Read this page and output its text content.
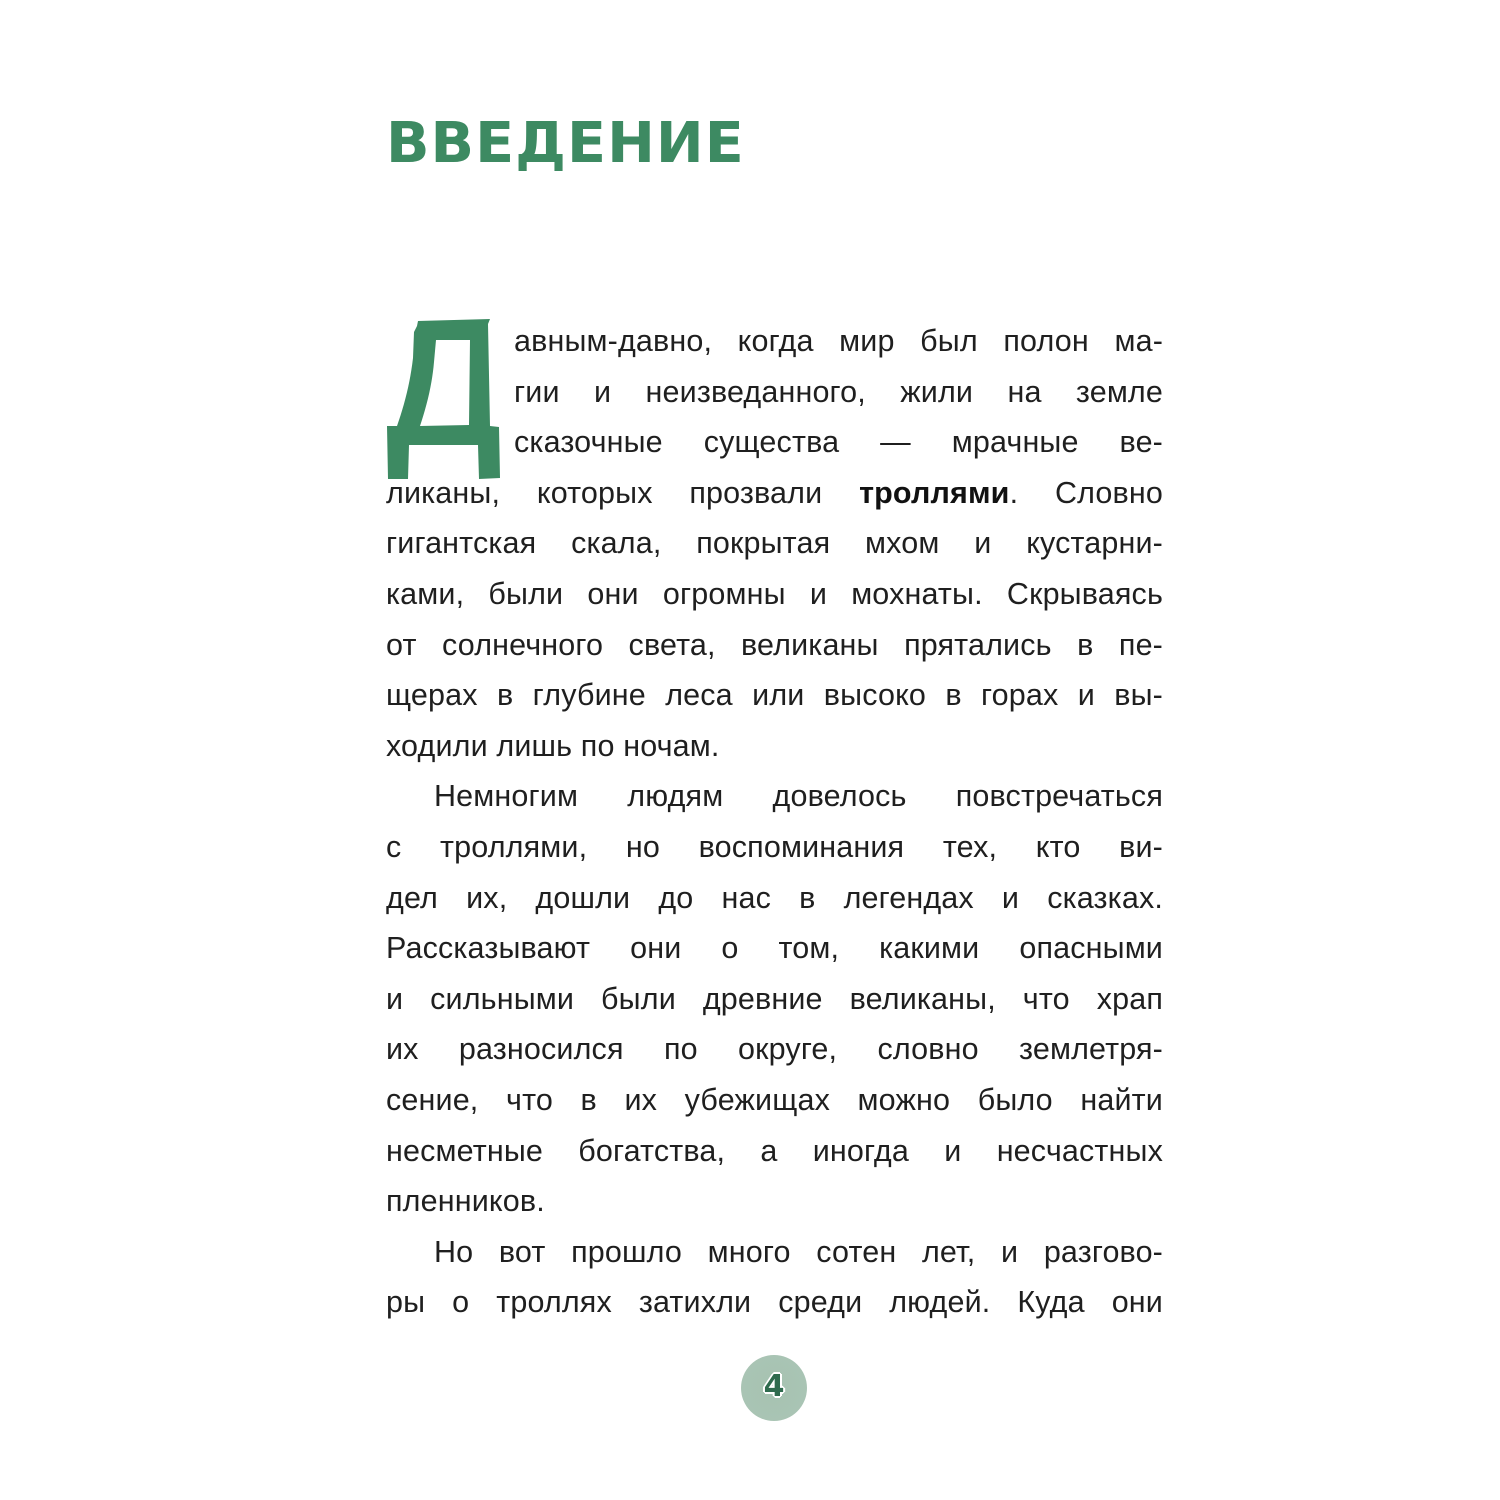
ВВЕДЕНИЕ
авным-давно, когда мир был полон ма-
гии и неизведанного, жили на земле
сказочные существа — мрачные ве-
ликаны, которых прозвали троллями. Словно
гигантская скала, покрытая мхом и кустарни-
ками, были они огромны и мохнаты. Скрываясь
от солнечного света, великаны прятались в пе-
щерах в глубине леса или высоко в горах и вы-
ходили лишь по ночам.
Немногим людям довелось повстречаться
с троллями, но воспоминания тех, кто ви-
дел их, дошли до нас в легендах и сказках.
Рассказывают они о том, какими опасными
и сильными были древние великаны, что храп
их разносился по округе, словно землетря-
сение, что в их убежищах можно было найти
несметные богатства, а иногда и несчастных
пленников.
Но вот прошло много сотен лет, и разгово-
ры о троллях затихли среди людей. Куда они
4
